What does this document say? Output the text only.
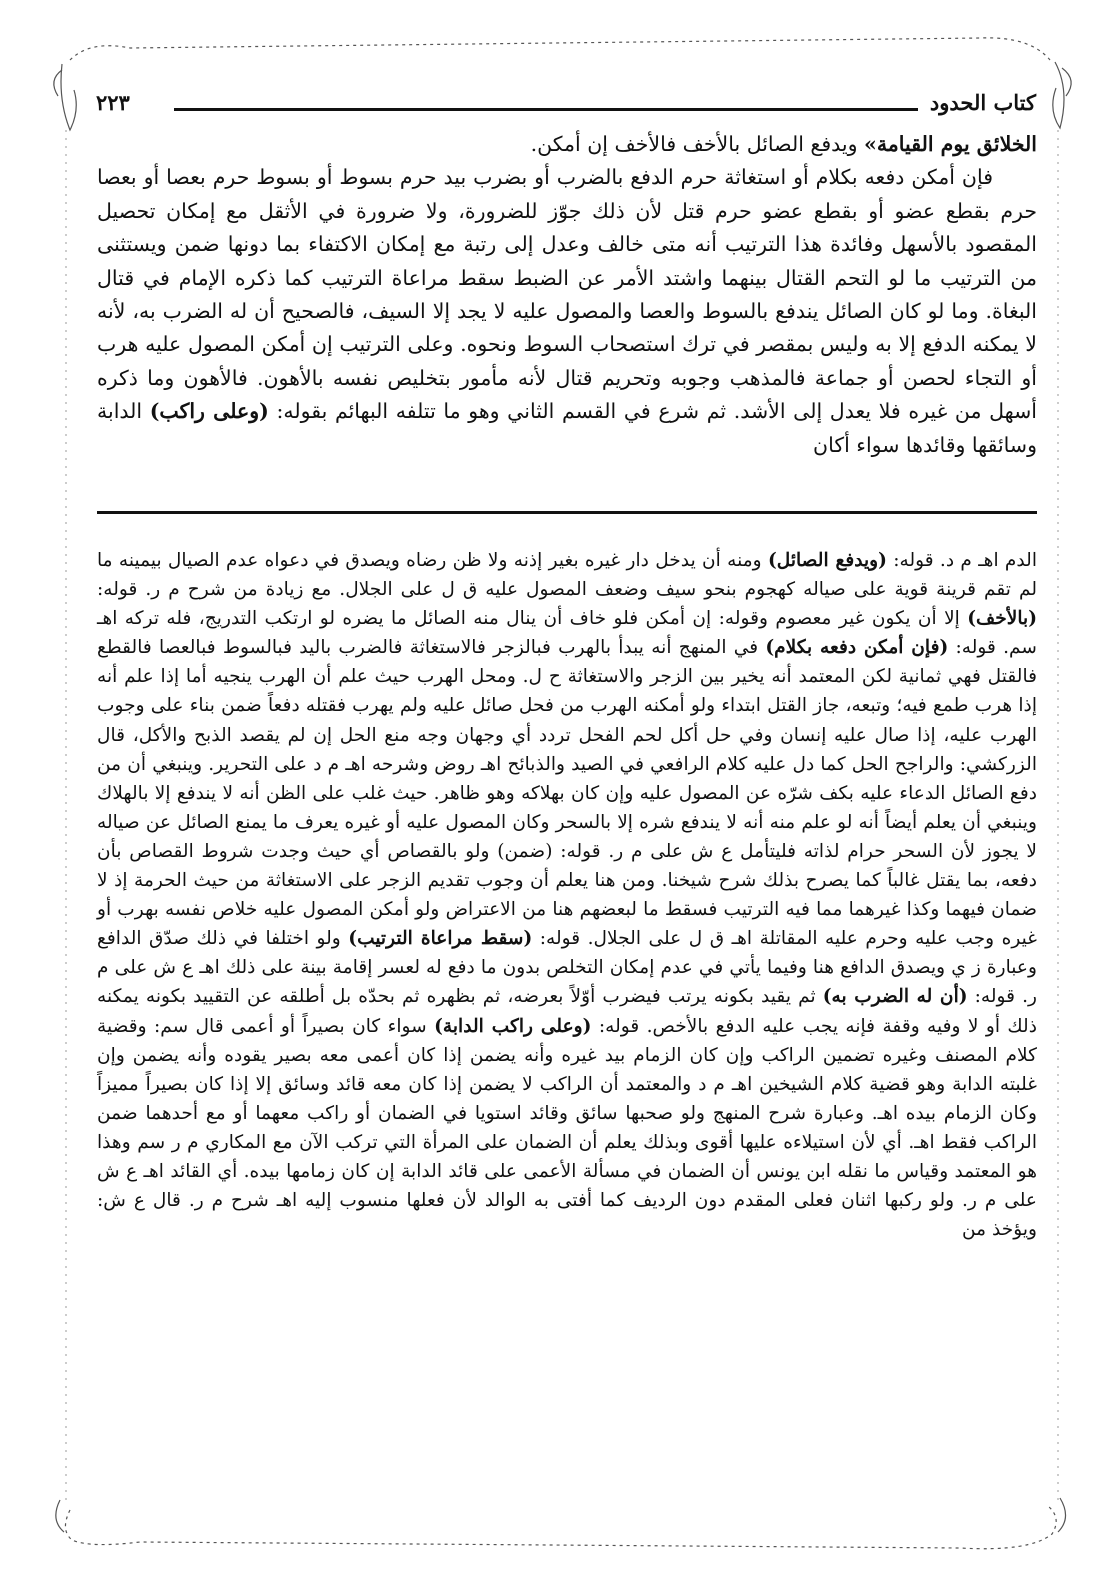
كتاب الحدود
٢٢٣

الخلائق يوم القيامة» ويدفع الصائل بالأخف فالأخف إن أمكن.

فإن أمكن دفعه بكلام أو استغاثة حرم الدفع بالضرب أو بضرب بيد حرم بسوط أو بسوط حرم بعصا أو بعصا حرم بقطع عضو أو بقطع عضو حرم قتل لأن ذلك جوّز للضرورة، ولا ضرورة في الأثقل مع إمكان تحصيل المقصود بالأسهل وفائدة هذا الترتيب أنه متى خالف وعدل إلى رتبة مع إمكان الاكتفاء بما دونها ضمن ويستثنى من الترتيب ما لو التحم القتال بينهما واشتد الأمر عن الضبط سقط مراعاة الترتيب كما ذكره الإمام في قتال البغاة. وما لو كان الصائل يندفع بالسوط والعصا والمصول عليه لا يجد إلا السيف، فالصحيح أن له الضرب به، لأنه لا يمكنه الدفع إلا به وليس بمقصر في ترك استصحاب السوط ونحوه. وعلى الترتيب إن أمكن المصول عليه هرب أو التجاء لحصن أو جماعة فالمذهب وجوبه وتحريم قتال لأنه مأمور بتخليص نفسه بالأهون. فالأهون وما ذكره أسهل من غيره فلا يعدل إلى الأشد. ثم شرع في القسم الثاني وهو ما تتلفه البهائم بقوله: (وعلى راكب) الدابة وسائقها وقائدها سواء أكان

الدم اهـ م د. قوله: (ويدفع الصائل) ومنه أن يدخل دار غيره بغير إذنه ولا ظن رضاه ويصدق في دعواه عدم الصيال بيمينه ما لم تقم قرينة قوية على صياله كهجوم بنحو سيف وضعف المصول عليه ق ل على الجلال. مع زيادة من شرح م ر. قوله: (بالأخف) إلا أن يكون غير معصوم وقوله: إن أمكن فلو خاف أن ينال منه الصائل ما يضره لو ارتكب التدريج، فله تركه اهـ سم. قوله: (فإن أمكن دفعه بكلام) في المنهج أنه يبدأ بالهرب فبالزجر فالاستغاثة فالضرب باليد فبالسوط فبالعصا فالقطع فالقتل فهي ثمانية لكن المعتمد أنه يخير بين الزجر والاستغاثة ح ل. ومحل الهرب حيث علم أن الهرب ينجيه أما إذا علم أنه إذا هرب طمع فيه؛ وتبعه، جاز القتل ابتداء ولو أمكنه الهرب من فحل صائل عليه ولم يهرب فقتله دفعاً ضمن بناء على وجوب الهرب عليه، إذا صال عليه إنسان وفي حل أكل لحم الفحل تردد أي وجهان وجه منع الحل إن لم يقصد الذبح والأكل، قال الزركشي: والراجح الحل كما دل عليه كلام الرافعي في الصيد والذبائح اهـ روض وشرحه اهـ م د على التحرير. وينبغي أن من دفع الصائل الدعاء عليه بكف شرّه عن المصول عليه وإن كان بهلاكه وهو ظاهر. حيث غلب على الظن أنه لا يندفع إلا بالهلاك وينبغي أن يعلم أيضاً أنه لو علم منه أنه لا يندفع شره إلا بالسحر وكان المصول عليه أو غيره يعرف ما يمنع الصائل عن صياله لا يجوز لأن السحر حرام لذاته فليتأمل ع ش على م ر. قوله: (ضمن) ولو بالقصاص أي حيث وجدت شروط القصاص بأن دفعه، بما يقتل غالباً كما يصرح بذلك شرح شيخنا. ومن هنا يعلم أن وجوب تقديم الزجر على الاستغاثة من حيث الحرمة إذ لا ضمان فيهما وكذا غيرهما مما فيه الترتيب فسقط ما لبعضهم هنا من الاعتراض ولو أمكن المصول عليه خلاص نفسه بهرب أو غيره وجب عليه وحرم عليه المقاتلة اهـ ق ل على الجلال. قوله: (سقط مراعاة الترتيب) ولو اختلفا في ذلك صدّق الدافع وعبارة ز ي ويصدق الدافع هنا وفيما يأتي في عدم إمكان التخلص بدون ما دفع له لعسر إقامة بينة على ذلك اهـ ع ش على م ر. قوله: (أن له الضرب به) ثم يقيد بكونه يرتب فيضرب أوّلاً بعرضه، ثم بظهره ثم بحدّه بل أطلقه عن التقييد بكونه يمكنه ذلك أو لا وفيه وقفة فإنه يجب عليه الدفع بالأخص. قوله: (وعلى راكب الدابة) سواء كان بصيراً أو أعمى قال سم: وقضية كلام المصنف وغيره تضمين الراكب وإن كان الزمام بيد غيره وأنه يضمن إذا كان أعمى معه بصير يقوده وأنه يضمن وإن غلبته الدابة وهو قضية كلام الشيخين اهـ م د والمعتمد أن الراكب لا يضمن إذا كان معه قائد وسائق إلا إذا كان بصيراً مميزاً وكان الزمام بيده اهـ. وعبارة شرح المنهج ولو صحبها سائق وقائد استويا في الضمان أو راكب معهما أو مع أحدهما ضمن الراكب فقط اهـ. أي لأن استيلاءه عليها أقوى وبذلك يعلم أن الضمان على المرأة التي تركب الآن مع المكاري م ر سم وهذا هو المعتمد وقياس ما نقله ابن يونس أن الضمان في مسألة الأعمى على قائد الدابة إن كان زمامها بيده. أي القائد اهـ ع ش على م ر. ولو ركبها اثنان فعلى المقدم دون الرديف كما أفتى به الوالد لأن فعلها منسوب إليه اهـ شرح م ر. قال ع ش: ويؤخذ من
